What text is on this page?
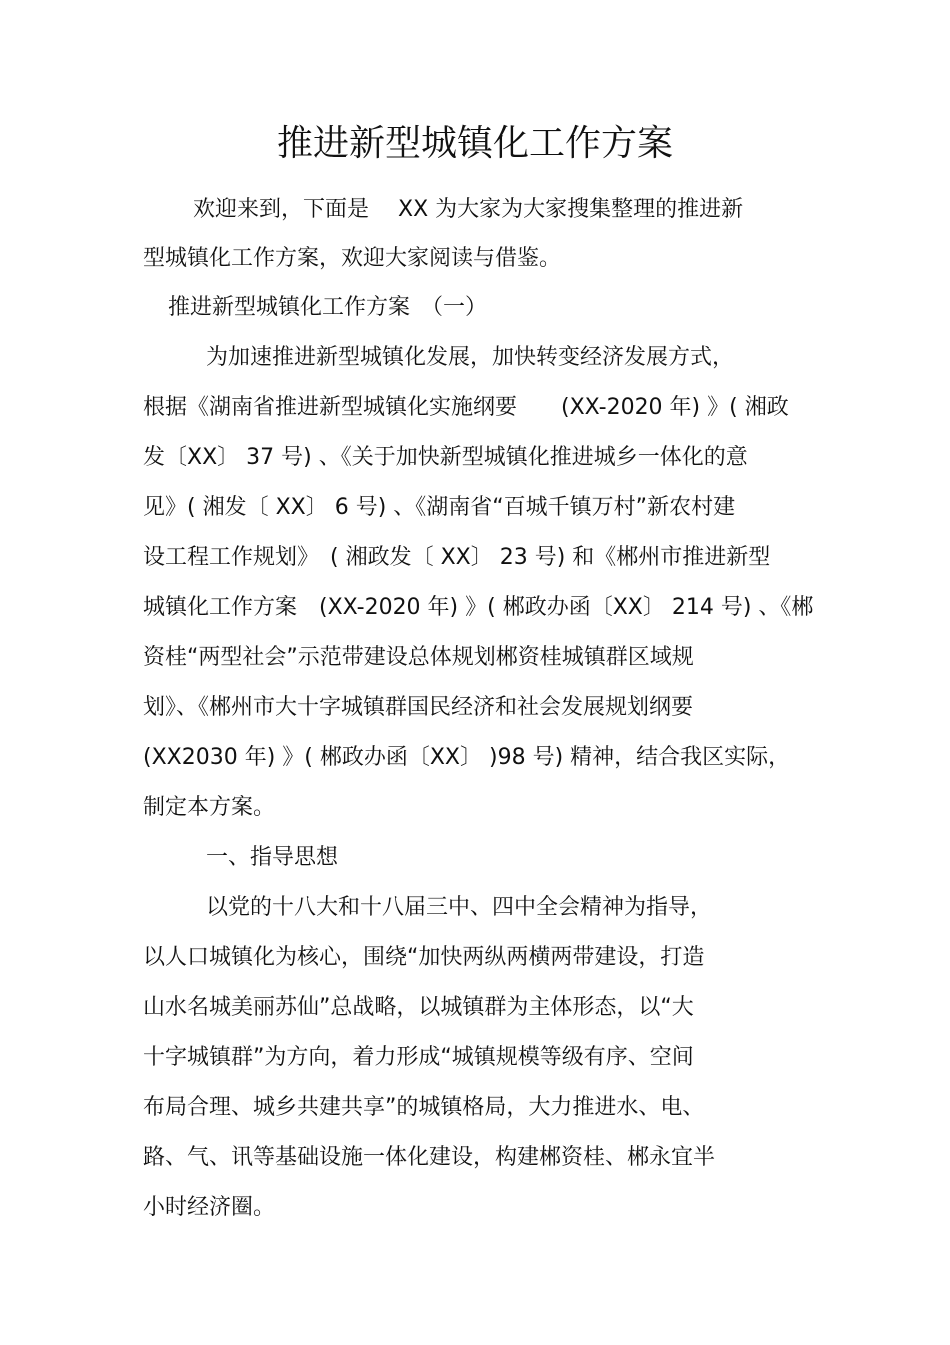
推进新型城镇化工作方案
欢迎来到，下面是　 XX 为大家为大家搜集整理的推进新
型城镇化工作方案，欢迎大家阅读与借鉴。
推进新型城镇化工作方案　（一）
为加速推进新型城镇化发展，加快转变经济发展方式，
根据《湖南省推进新型城镇化实施纲要　　(XX-2020 年) 》( 湘政
发〔XX〕 37 号) 、《关于加快新型城镇化推进城乡一体化的意
见》( 湘发〔 XX〕 6 号) 、《湖南省“百城千镇万村”新农村建
设工程工作规划》　( 湘政发〔 XX〕 23 号) 和《郴州市推进新型
城镇化工作方案　(XX-2020 年) 》( 郴政办函〔XX〕 214 号) 、《郴
资桂“两型社会”示范带建设总体规划郴资桂城镇群区域规
划》、《郴州市大十字城镇群国民经济和社会发展规划纲要
(XX2030 年) 》( 郴政办函〔XX〕 )98 号) 精神，结合我区实际，
制定本方案。
一、指导思想
以党的十八大和十八届三中、四中全会精神为指导，
以人口城镇化为核心，围绕“加快两纵两横两带建设，打造
山水名城美丽苏仙”总战略，以城镇群为主体形态，以“大
十字城镇群”为方向，着力形成“城镇规模等级有序、空间
布局合理、城乡共建共享”的城镇格局，大力推进水、电、
路、气、讯等基础设施一体化建设，构建郴资桂、郴永宜半
小时经济圈。
